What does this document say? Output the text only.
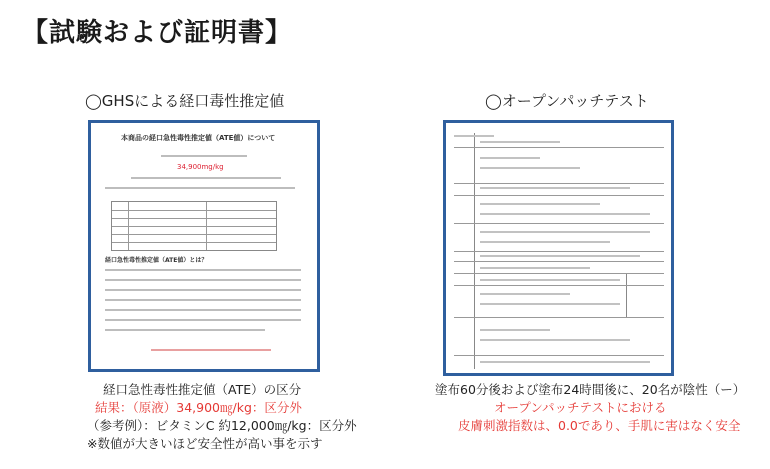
【試験および証明書】
◯GHSによる経口毒性推定値	◯オープンパッチテスト
本商品の経口急性毒性推定値（ATE値）について
34,900mg/kg
経口急性毒性推定値（ATE値）とは？
経口急性毒性推定値（ATE）の区分
結果：（原液）34,900㎎/kg：区分外
（参考例）：ビタミンC 約12,000㎎/kg：区分外
※数値が大きいほど安全性が高い事を示す
塗布60分後および塗布24時間後に、20名が陰性（ー）
オープンパッチテストにおける
皮膚刺激指数は、0.0であり、手肌に害はなく安全
